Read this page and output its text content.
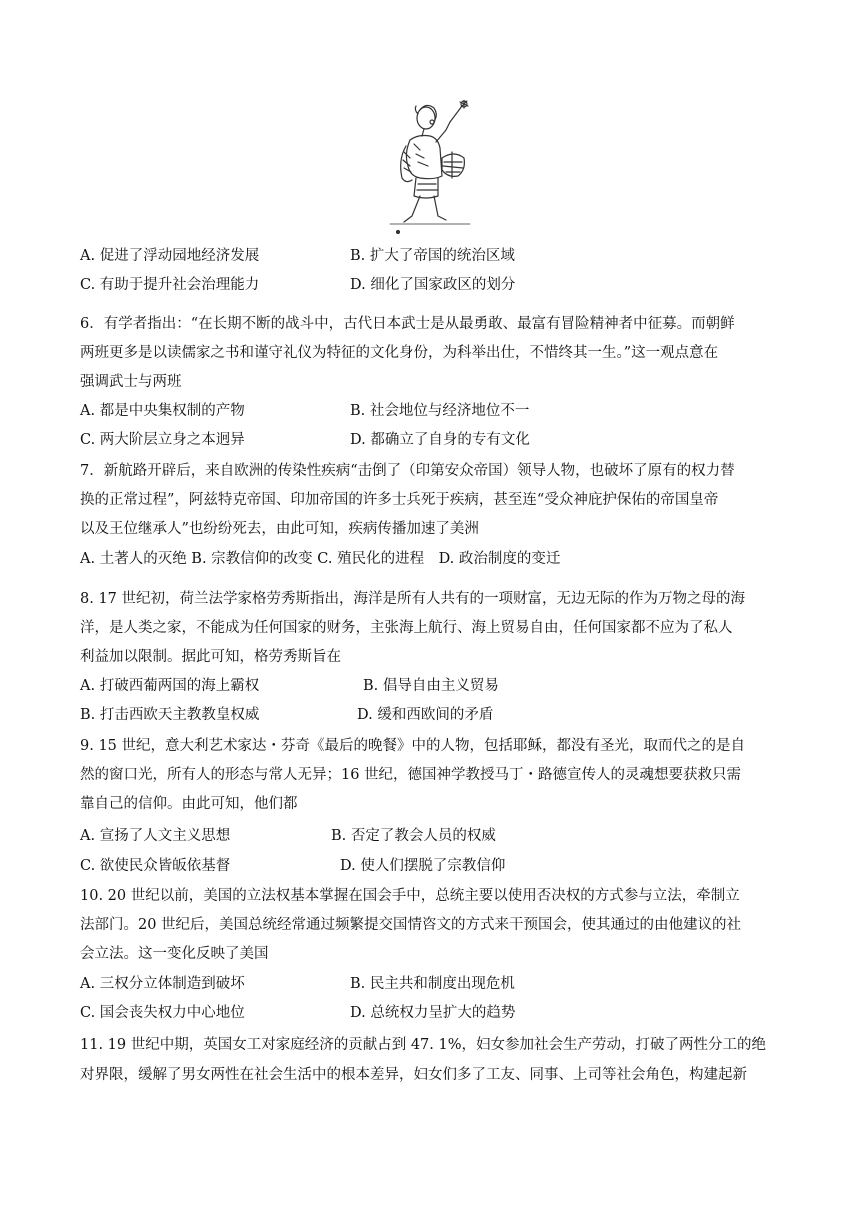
A. 促进了浮动园地经济发展	B. 扩大了帝国的统治区域
C. 有助于提升社会治理能力	D. 细化了国家政区的划分
6．有学者指出：“在长期不断的战斗中，古代日本武士是从最勇敢、最富有冒险精神者中征募。而朝鲜
两班更多是以读儒家之书和谨守礼仪为特征的文化身份，为科举出仕，不惜终其一生。”这一观点意在
强调武士与两班
A. 都是中央集权制的产物	B. 社会地位与经济地位不一
C. 两大阶层立身之本迥异	D. 都确立了自身的专有文化
7．新航路开辟后，来自欧洲的传染性疾病“击倒了（印第安众帝国）领导人物，也破坏了原有的权力替
换的正常过程”，阿兹特克帝国、印加帝国的许多士兵死于疾病，甚至连“受众神庇护保佑的帝国皇帝
以及王位继承人”也纷纷死去，由此可知，疾病传播加速了美洲
A. 土著人的灭绝 B. 宗教信仰的改变 C. 殖民化的进程　D. 政治制度的变迁
8. 17 世纪初，荷兰法学家格劳秀斯指出，海洋是所有人共有的一项财富，无边无际的作为万物之母的海
洋，是人类之家，不能成为任何国家的财务，主张海上航行、海上贸易自由，任何国家都不应为了私人
利益加以限制。据此可知，格劳秀斯旨在
A. 打破西葡两国的海上霸权	B. 倡导自由主义贸易
B. 打击西欧天主教教皇权威	D. 缓和西欧间的矛盾
9. 15 世纪，意大利艺术家达・芬奇《最后的晚餐》中的人物，包括耶稣，都没有圣光，取而代之的是自
然的窗口光，所有人的形态与常人无异；16 世纪，德国神学教授马丁・路德宣传人的灵魂想要获救只需
靠自己的信仰。由此可知，他们都
A. 宣扬了人文主义思想	B. 否定了教会人员的权威
C. 欲使民众皆皈依基督	D. 使人们摆脱了宗教信仰
10. 20 世纪以前，美国的立法权基本掌握在国会手中，总统主要以使用否决权的方式参与立法，牵制立
法部门。20 世纪后，美国总统经常通过频繁提交国情咨文的方式来干预国会，使其通过的由他建议的社
会立法。这一变化反映了美国
A. 三权分立体制造到破坏	B. 民主共和制度出现危机
C. 国会丧失权力中心地位	D. 总统权力呈扩大的趋势
11. 19 世纪中期，英国女工对家庭经济的贡献占到 47. 1%，妇女参加社会生产劳动，打破了两性分工的绝
对界限，缓解了男女两性在社会生活中的根本差异，妇女们多了工友、同事、上司等社会角色，构建起新
